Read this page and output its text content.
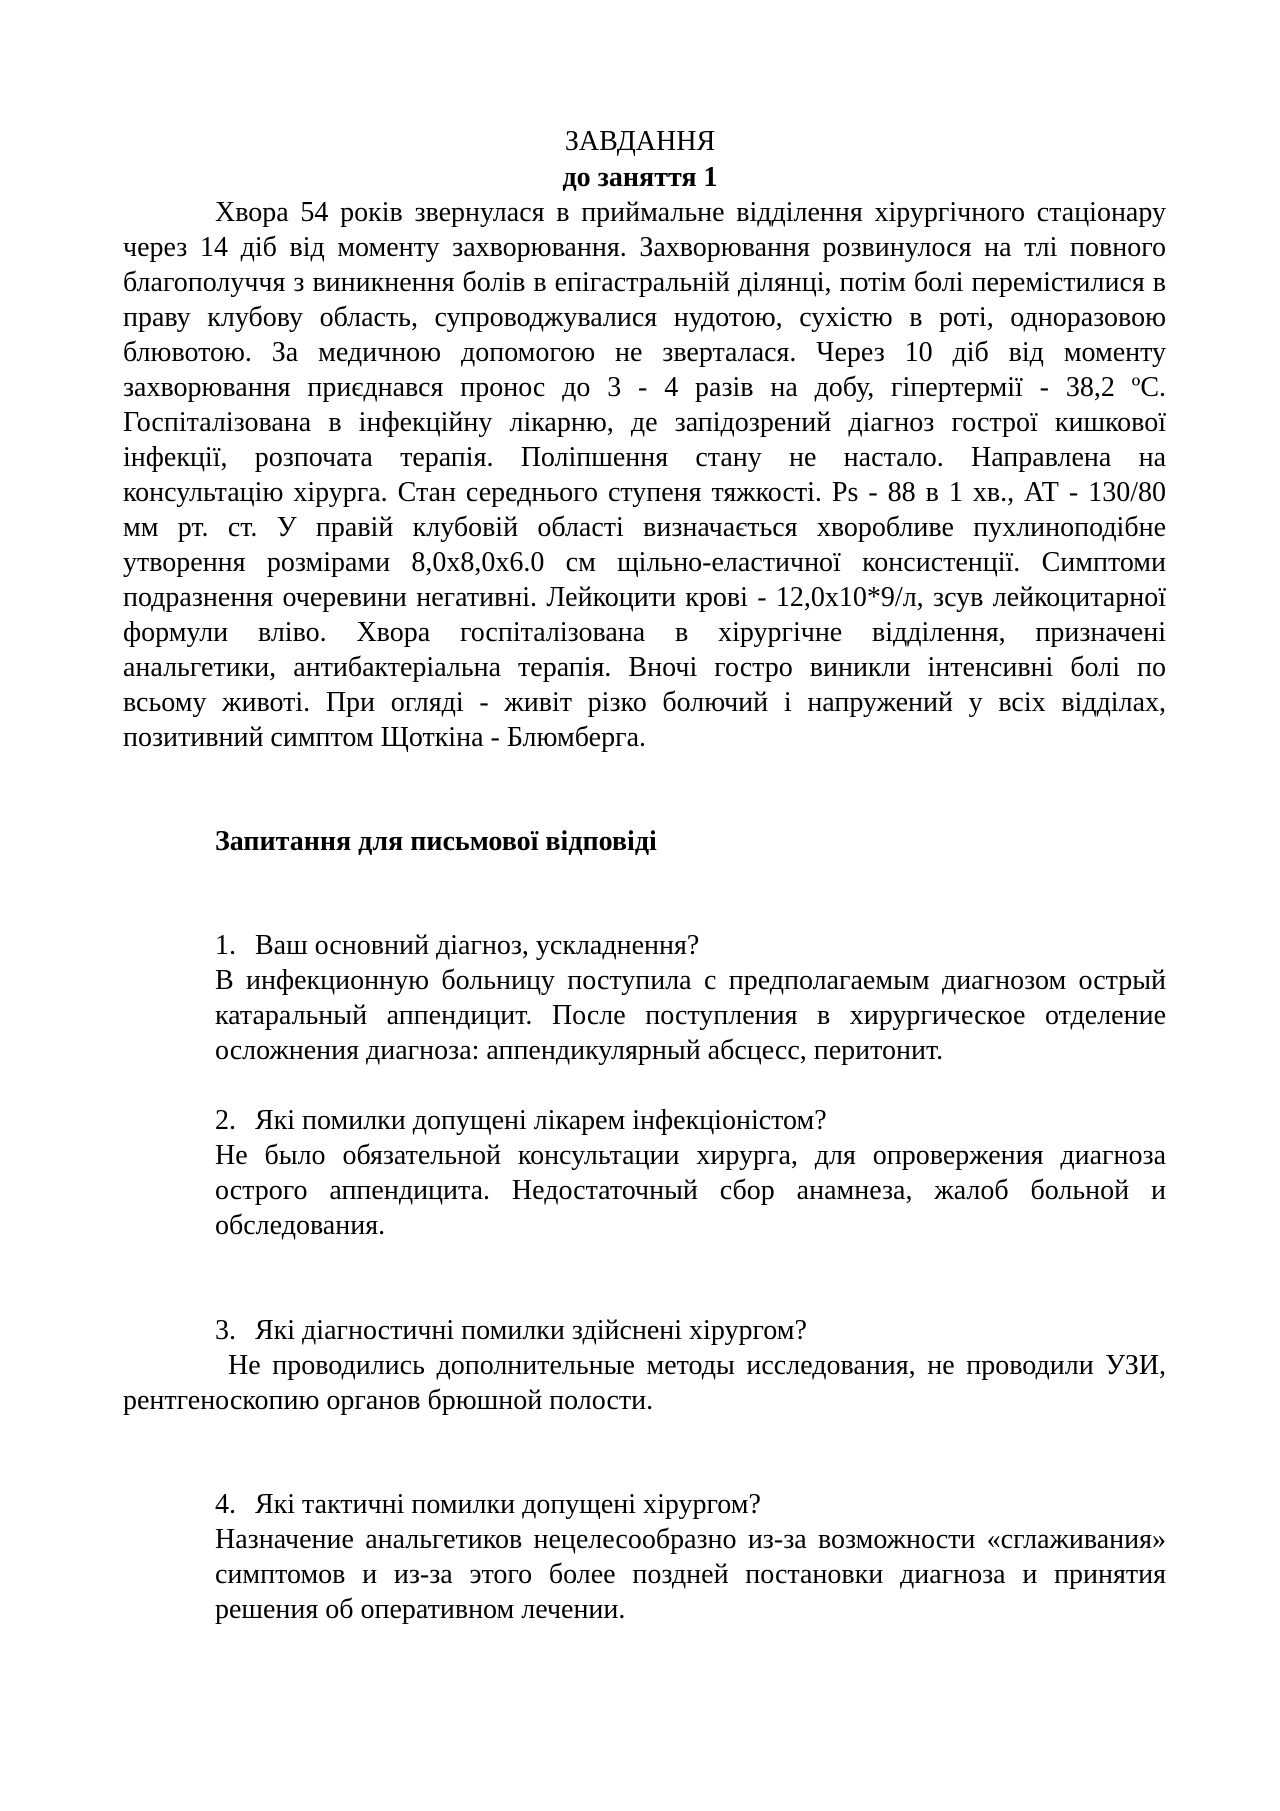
ЗАВДАННЯ
до заняття 1

Хвора 54 років звернулася в приймальне відділення хірургічного стаціонару через 14 діб від моменту захворювання. Захворювання розвинулося на тлі повного благополуччя з виникнення болів в епігастральній ділянці, потім болі перемістилися в праву клубову область, супроводжувалися нудотою, сухістю в роті, одноразовою блювотою. За медичною допомогою не зверталася. Через 10 діб від моменту захворювання приєднався пронос до 3 - 4 разів на добу, гіпертермії - 38,2 ºС. Госпіталізована в інфекційну лікарню, де запідозрений діагноз гострої кишкової інфекції, розпочата терапія. Поліпшення стану не настало. Направлена на консультацію хірурга. Стан середнього ступеня тяжкості. Ps - 88 в 1 хв., АТ - 130/80 мм рт. ст. У правій клубовій області визначається хворобливе пухлиноподібне утворення розмірами 8,0х8,0х6.0 см щільно-еластичної консистенції. Симптоми подразнення очеревини негативні. Лейкоцити крові - 12,0х10*9/л, зсув лейкоцитарної формули вліво. Хвора госпіталізована в хірургічне відділення, призначені анальгетики, антибактеріальна терапія. Вночі гостро виникли інтенсивні болі по всьому животі. При огляді - живіт різко болючий і напружений у всіх відділах, позитивний симптом Щоткіна - Блюмберга.

Запитання для письмової відповіді

1. Ваш основний діагноз, ускладнення?

В инфекционную больницу поступила с предполагаемым диагнозом острый катаральный аппендицит. После поступления в хирургическое отделение осложнения диагноза: аппендикулярный абсцесс, перитонит.

2. Які помилки допущені лікарем інфекціоністом?

Не было обязательной консультации хирурга, для опровержения диагноза острого аппендицита. Недостаточный сбор анамнеза, жалоб больной и обследования.

3. Які діагностичні помилки здійснені хірургом?

Не проводились дополнительные методы исследования, не проводили УЗИ, рентгеноскопию органов брюшной полости.

4. Які тактичні помилки допущені хірургом?

Назначение анальгетиков нецелесообразно из-за возможности «сглаживания» симптомов и из-за этого более поздней постановки диагноза и принятия решения об оперативном лечении.
